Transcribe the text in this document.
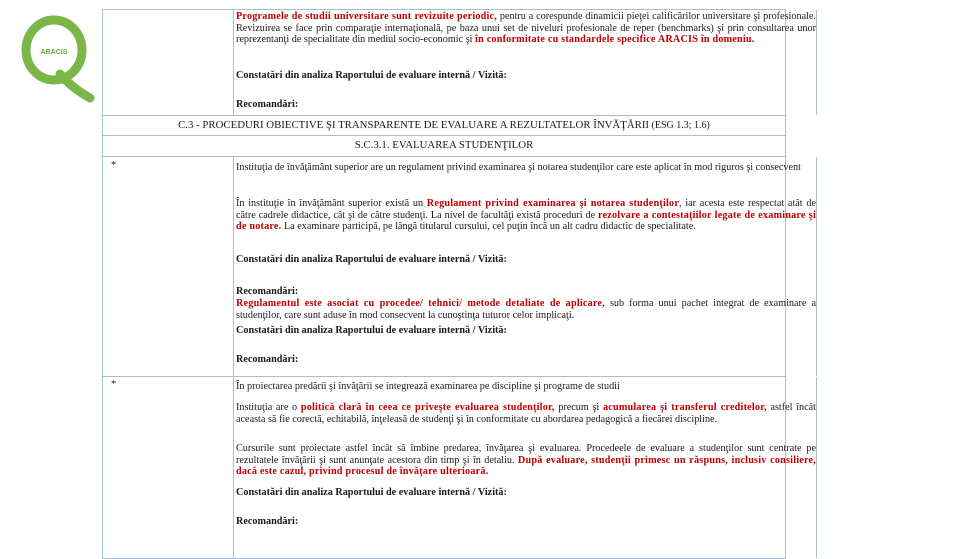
ARACIS
Programele de studii universitare sunt revizuite periodic, pentru a corespunde dinamicii pieţei calificărilor universitare şi profesionale. Revizuirea se face prin comparaţie internaţională, pe baza unui set de niveluri profesionale de reper (benchmarks) şi prin consultarea unor reprezentanţi de specialitate din mediul socio-economic şi în conformitate cu standardele specifice ARACIS în domeniu.
Constatări din analiza Raportului de evaluare internă / Vizită:
Recomandări:
C.3 - PROCEDURI OBIECTIVE ŞI TRANSPARENTE DE EVALUARE A REZULTATELOR ÎNVĂŢĂRII (ESG 1.3; 1.6)
S.C.3.1. EVALUAREA STUDENŢILOR
*	Instituţia de învăţământ superior are un regulament privind examinarea şi notarea studenţilor care este aplicat în mod riguros şi consecvent
În instituţie în învăţământ superior există un Regulament privind examinarea şi notarea studenţilor, iar acesta este respectat atât de către cadrele didactice, cât şi de către studenţi. La nivel de facultăţi există proceduri de rezolvare a contestaţiilor legate de examinare şi de notare. La examinare participă, pe lângă titularul cursului, cel puţin încă un alt cadru didactic de specialitate.
Constatări din analiza Raportului de evaluare internă / Vizită:
Recomandări:
Regulamentul este asociat cu procedee/ tehnici/ metode detaliate de aplicare, sub forma unui pachet integrat de examinare a studenţilor, care sunt aduse în mod consecvent la cunoştinţa tuturor celor implicaţi.
Constatări din analiza Raportului de evaluare internă / Vizită:
Recomandări:
*	În proiectarea predării şi învăţării se integrează examinarea pe discipline şi programe de studii
Instituţia are o politică clară în ceea ce priveşte evaluarea studenţilor, precum şi acumularea şi transferul creditelor, astfel încât aceasta să fie corectă, echitabilă, înţeleasă de studenţi şi în conformitate cu abordarea pedagogică a fiecărei discipline.
Cursurile sunt proiectate astfel încât să îmbine predarea, învăţarea şi evaluarea. Procedeele de evaluare a studenţilor sunt centrate pe rezultatele învăţării şi sunt anunţate acestora din timp şi în detaliu. După evaluare, studenţii primesc un răspuns, inclusiv consiliere, dacă este cazul, privind procesul de învăţare ulterioară.
Constatări din analiza Raportului de evaluare internă / Vizită:
Recomandări:
